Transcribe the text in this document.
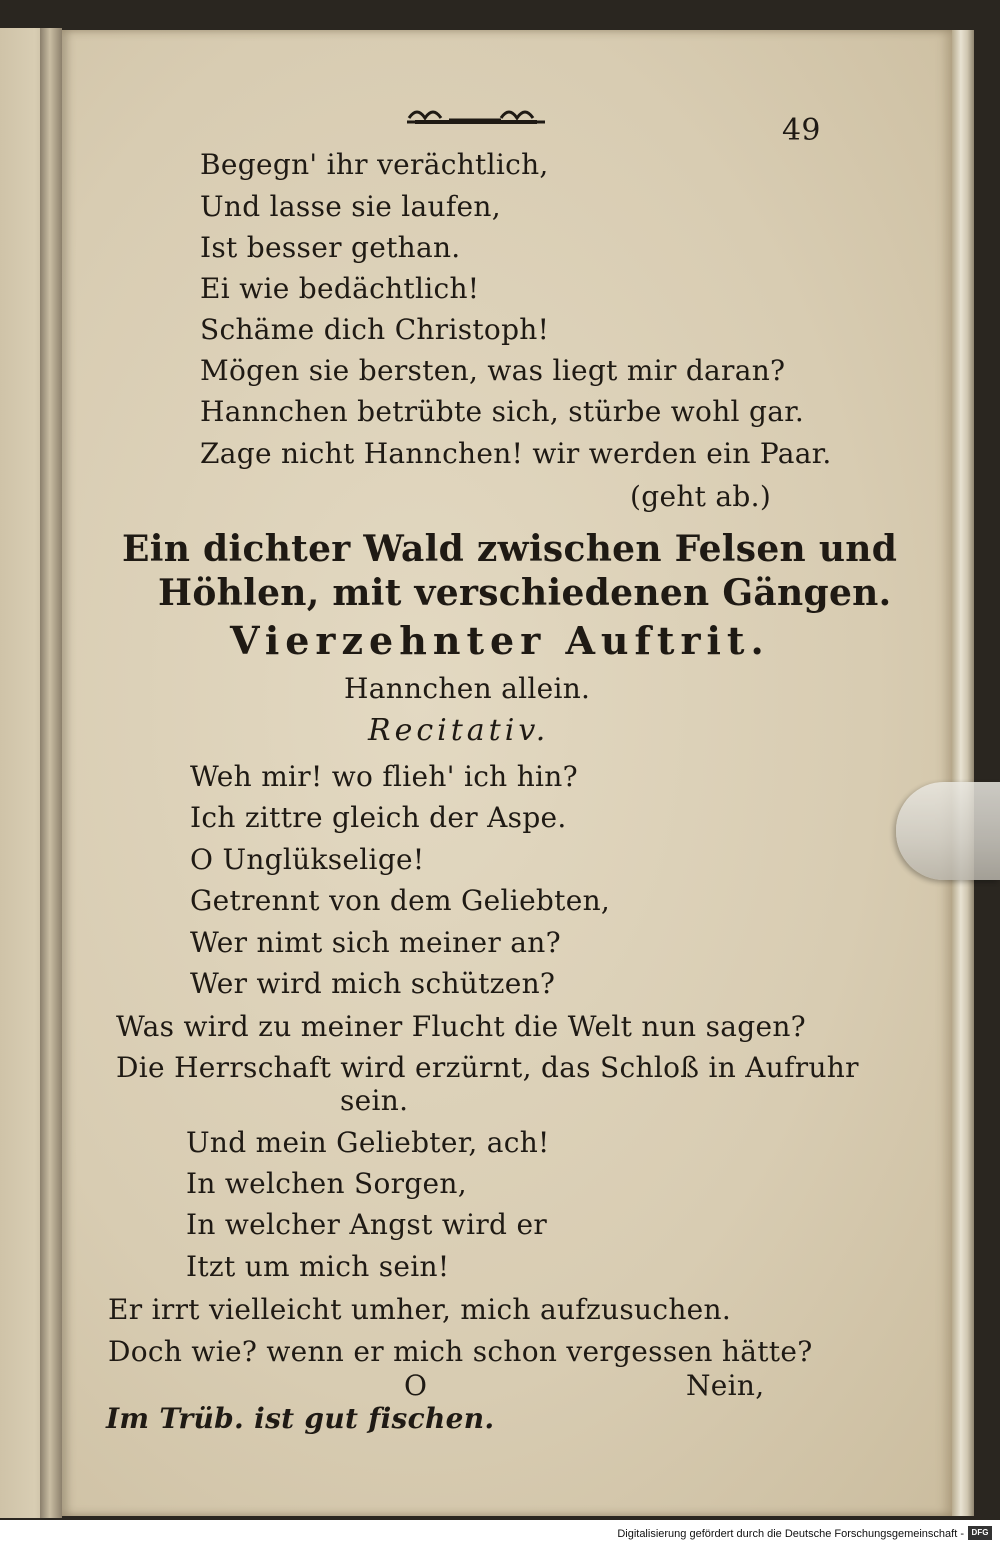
49
Begegn' ihr verächtlich,
Und lasse sie laufen,
Ist besser gethan.
Ei wie bedächtlich!
Schäme dich Christoph!
Mögen sie bersten, was liegt mir daran?
Hannchen betrübte sich, stürbe wohl gar.
Zage nicht Hannchen! wir werden ein Paar.
(geht ab.)
Ein dichter Wald zwischen Felsen und
Höhlen, mit verschiedenen Gängen.
Vierzehnter Auftrit.
Hannchen allein.
Recitativ.
Weh mir! wo flieh' ich hin?
Ich zittre gleich der Aspe.
O Unglükselige!
Getrennt von dem Geliebten,
Wer nimt sich meiner an?
Wer wird mich schützen?
Was wird zu meiner Flucht die Welt nun sagen?
Die Herrschaft wird erzürnt, das Schloß in Aufruhr
sein.
Und mein Geliebter, ach!
In welchen Sorgen,
In welcher Angst wird er
Itzt um mich sein!
Er irrt vielleicht umher, mich aufzusuchen.
Doch wie? wenn er mich schon vergessen hätte?
O	Nein,
Im Trüb. ist gut fischen.
Digitalisierung gefördert durch die Deutsche Forschungsgemeinschaft - DFG
